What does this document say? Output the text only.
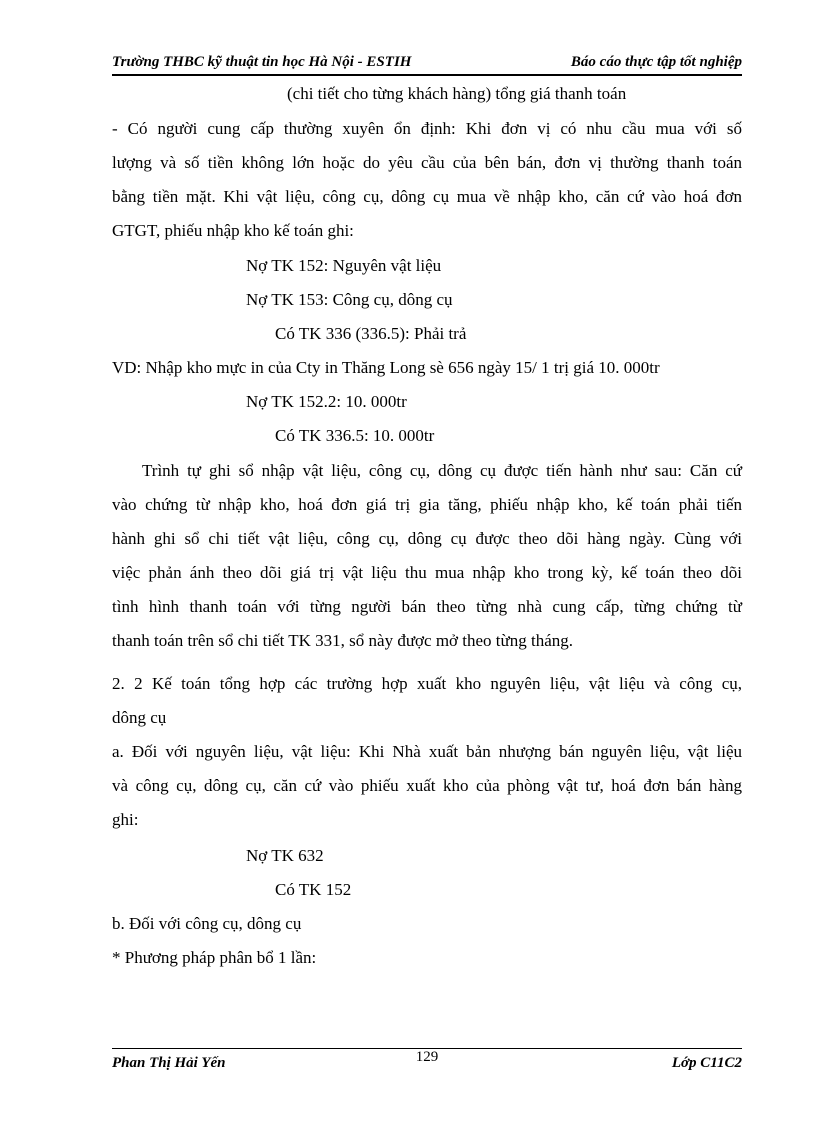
Trường THBC kỹ thuật tin học Hà Nội - ESTIH	Báo cáo thực tập tốt nghiệp
(chi tiết cho từng khách hàng) tổng giá thanh toán
- Có người cung cấp thường xuyên ổn định: Khi đơn vị có nhu cầu mua với số
lượng và số tiền không lớn hoặc do yêu cầu của bên bán, đơn vị thường thanh toán
bằng tiền mặt. Khi vật liệu, công cụ, dông cụ mua về nhập kho, căn cứ vào hoá đơn
GTGT, phiếu nhập kho kế toán ghi:
Nợ TK 152: Nguyên vật liệu
Nợ TK 153: Công cụ, dông cụ
Có TK 336 (336.5): Phải trả
VD: Nhập kho mực in của Cty in Thăng Long sè 656 ngày 15/ 1 trị giá 10. 000tr
Nợ TK 152.2: 10. 000tr
Có TK 336.5: 10. 000tr
Trình tự ghi sổ nhập vật liệu, công cụ, dông cụ được tiến hành như sau: Căn cứ
vào chứng từ nhập kho, hoá đơn giá trị gia tăng, phiếu nhập kho, kế toán phải tiến
hành ghi sổ chi tiết vật liệu, công cụ, dông cụ được theo dõi hàng ngày. Cùng với
việc phản ánh theo dõi giá trị vật liệu thu mua nhập kho trong kỳ, kế toán theo dõi
tình hình thanh toán với từng người bán theo từng nhà cung cấp, từng chứng từ
thanh toán trên sổ chi tiết TK 331, sổ này được mở theo từng tháng.
2. 2 Kế toán tổng hợp các trường hợp xuất kho nguyên liệu, vật liệu và công cụ,
dông cụ
a. Đối với nguyên liệu, vật liệu: Khi Nhà xuất bản nhượng bán nguyên liệu, vật liệu
và công cụ, dông cụ, căn cứ vào phiếu xuất kho của phòng vật tư, hoá đơn bán hàng
ghi:
Nợ TK 632
Có TK 152
b. Đối với công cụ, dông cụ
* Phương pháp phân bổ 1 lần:
Phan Thị Hải Yến	129	Lớp C11C2
